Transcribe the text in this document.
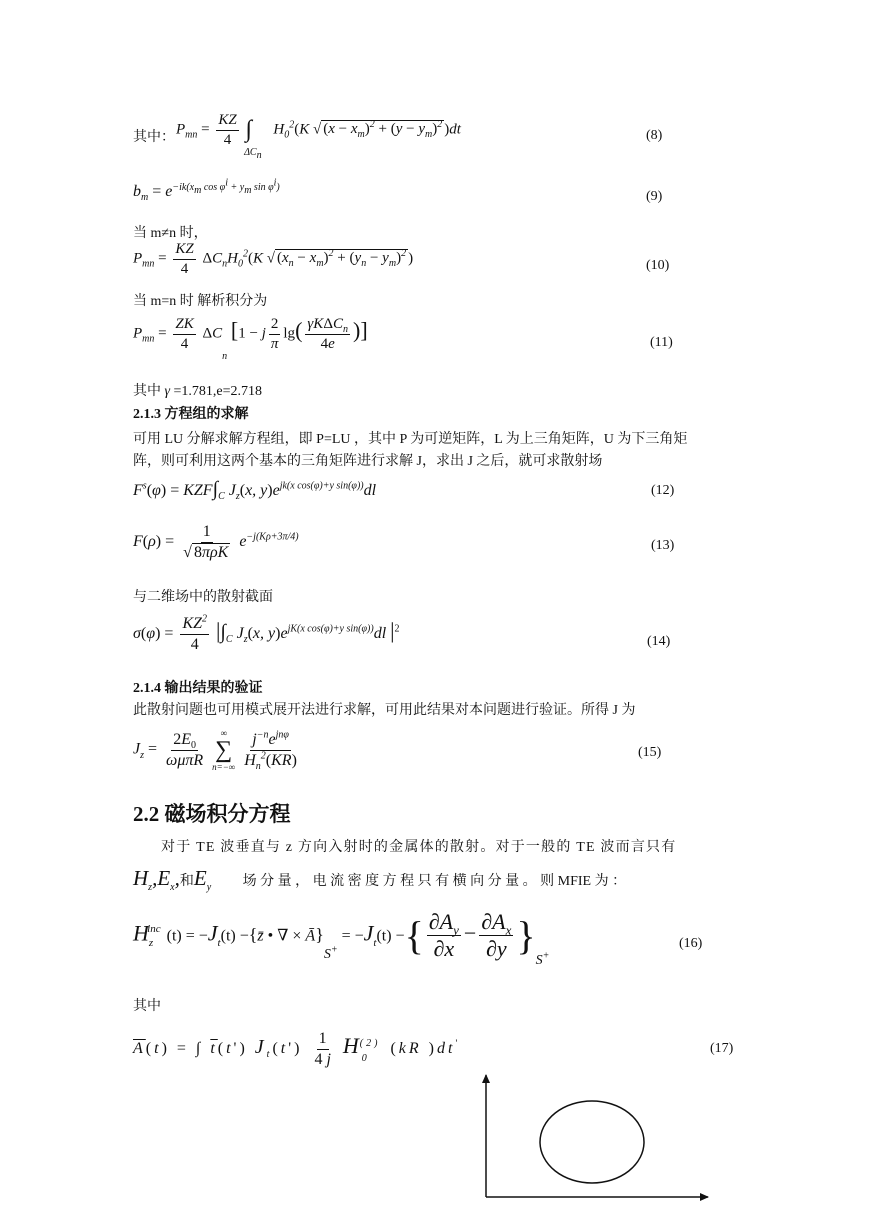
其中：
$P_{mn} = \frac{KZ}{4} \int_{\Delta C_n}$ $H_0^2(K$ √ $(x - x_m)^2 + (y - y_m)^2$ )dt	(8)
$b_m = e^{-ik(x_m cos \varphi^i + y_m sin \varphi^i)}$
(9)
当 m≠n 时，
$P_{mn} = \frac{KZ}{4} \Delta C_nH_0^2(K$ √ $(x_n - x_m)^2 + (y_n - y_m)^2$ )	(10)
当 m=n 时 解析积分为
$P_{mn} = \frac{ZK}{4} \Delta C_n$ [1 − j $\frac{2}{\pi} \lg( \frac{\gamma K\Delta C_n}{4e}$ )]
(11)
其中 γ =1.781,e=2.718
2.1.3 方程组的求解
可用 LU 分解求解方程组，即 P=LU ，其中 P 为可逆矩阵，L 为上三角矩阵，U 为下三角矩
阵，则可利用这两个基本的三角矩阵进行求解 J，求出 J 之后，就可求散射场
$F^s(\varphi) = KZF\int_C$ $J_z(x$, $y)e^{jk(x cos(\varphi)+y sin(\varphi))}dl$	(12)
$F(\rho) = \frac{1}{\text{√ 8πρK}} e^{-j(K\rho+3\pi/4)}$
(13)
与二维场中的散射截面
$\sigma(\varphi) = \frac{KZ^2}{4} |\int_C$ $J_z(x$, $y)e^{jK(x cos(\varphi)+y sin(\varphi))}dl$ $|^2$
(14)
2.1.4 输出结果的验证
此散射问题也可用模式展开法进行求解，可用此结果对本问题进行验证。所得 J 为
$J_z = \frac{2E_0}{\text{ωμπR}}$
∞
∑
n=−∞
$\frac{j^{-n}e^{jn\varphi}}{H_n^2(KR)}$	(15)
2.2 磁场积分方程
对于 TE 波垂直与 z 方向入射时的金属体的散射。对于一般的 TE 波而言只有
$H_z,E_x$,和$E_y$ 场 分 量 ， 电 流 密 度 方 程 只 有 横 向 分 量 。 则 MFIE 为 ：
$H_z^{inc}$ $(t) = -J_t(t)$ −{z̄ • ∇ × $Ā\}_{S^+} = -J_t(t)$ −{ $\frac{\partial A_y}{\partial x} - \frac{\partial A_x}{\partial y} \}_{S^+}$
(16)
其中
$\overline{A}(t)$ = ∫ $\overline{t}(t')$ $J_t(t') \frac{1}{4 j} H_0^{(2)}$ (kR )dt'	(17)
